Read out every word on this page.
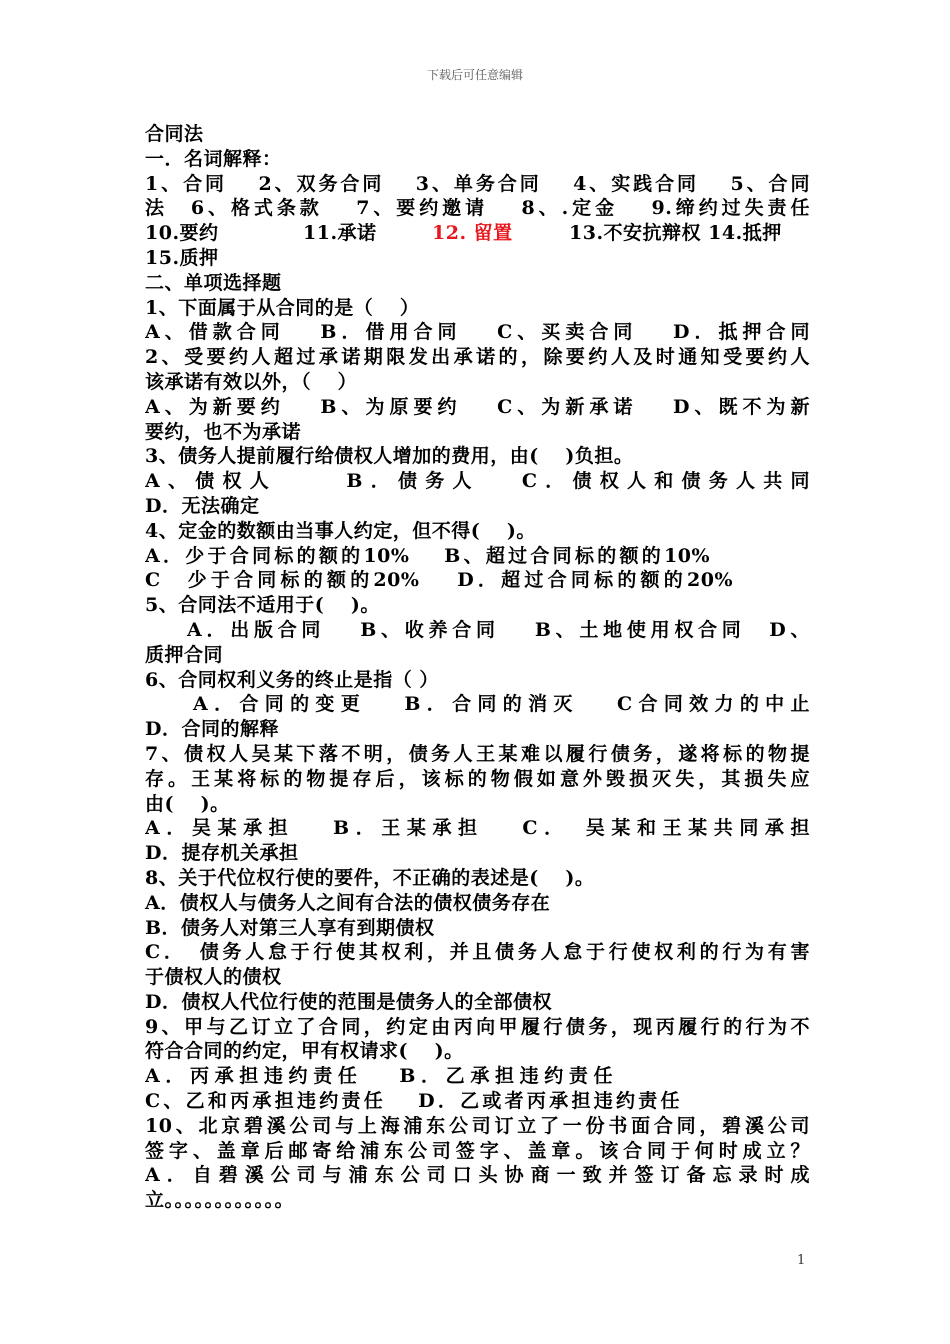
下载后可任意编辑
合同法
一．名词解释：
1、合同　 2、双务合同　 3、单务合同　 4、实践合同　 5、合同
法　6、格式条款　 7、要约邀请　 8、.定金　 9.缔约过失责任
10.要约	11.承诺	12. 留置	13.不安抗辩权 14.抵押
15.质押
二、单项选择题
1、下面属于从合同的是（　 ）
A、借款合同　 B．借用合同　 C、买卖合同　 D．抵押合同
2、受要约人超过承诺期限发出承诺的，除要约人及时通知受要约人
该承诺有效以外，（　 ）
A、为新要约　 B、为原要约　 C、为新承诺　 D、既不为新
要约，也不为承诺
3、债务人提前履行给债权人增加的费用，由(　 )负担。
A、债权人　　 B．债务人　 C．债权人和债务人共同
D．无法确定
4、定金的数额由当事人约定，但不得(　 )。
A．少于合同标的额的10%　 B、超过合同标的额的10%
C　少于合同标的额的20%　 D．超过合同标的额的20%
5、合同法不适用于(　 )。
A．出版合同　 B、收养合同　 B、土地使用权合同　D、
质押合同
6、合同权利义务的终止是指（ ）
A．合同的变更　 B．合同的消灭　 C合同效力的中止
D．合同的解释
7、债权人吴某下落不明，债务人王某难以履行债务，遂将标的物提
存。王某将标的物提存后，该标的物假如意外毁损灭失，其损失应
由(　 )。
A．吴某承担　 B．王某承担　 C．　吴某和王某共同承担
D．提存机关承担
8、关于代位权行使的要件，不正确的表述是(　 )。
A．债权人与债务人之间有合法的债权债务存在
B．债务人对第三人享有到期债权
C．　债务人怠于行使其权利，并且债务人怠于行使权利的行为有害
于债权人的债权
D．债权人代位行使的范围是债务人的全部债权
9、甲与乙订立了合同，约定由丙向甲履行债务，现丙履行的行为不
符合合同的约定，甲有权请求(　 )。
A．丙承担违约责任　 B．乙承担违约责任
C、乙和丙承担违约责任　 D．乙或者丙承担违约责任
10、北京碧溪公司与上海浦东公司订立了一份书面合同，碧溪公司
签字、盖章后邮寄给浦东公司签字、盖章。该合同于何时成立？
A．自碧溪公司与浦东公司口头协商一致并签订备忘录时成
立。。。。。。。。。。。。
1
